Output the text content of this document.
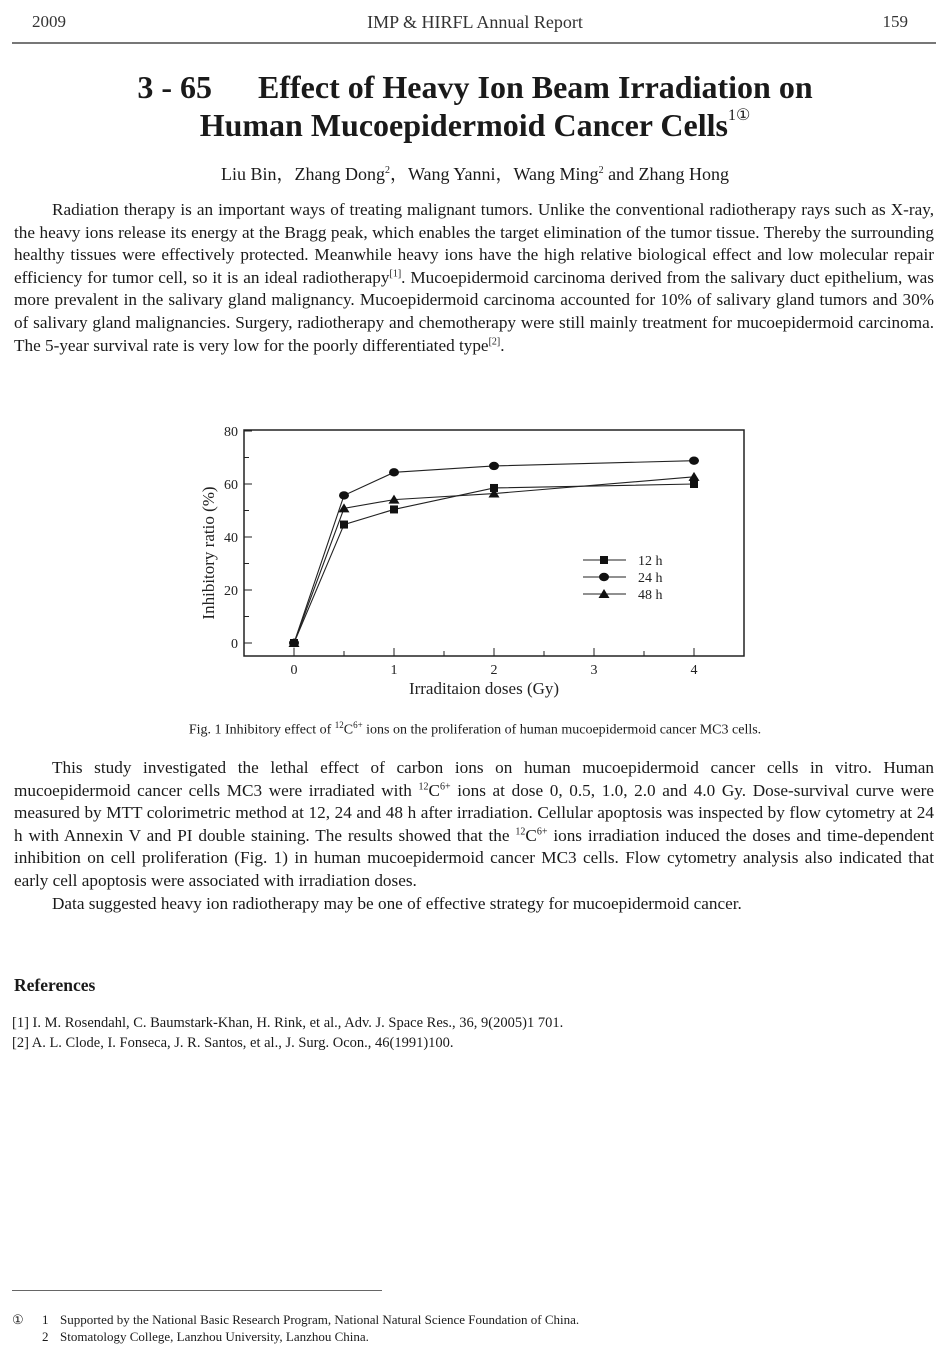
2009	IMP & HIRFL Annual Report	159
3 - 65 Effect of Heavy Ion Beam Irradiation on
Human Mucoepidermoid Cancer Cells$^{1①}$
Liu Bin，Zhang Dong$^2$，Wang Yanni，Wang Ming$^2$ and Zhang Hong

Radiation therapy is an important ways of treating malignant tumors. Unlike the conventional radiotherapy rays such as X-ray, the heavy ions release its energy at the Bragg peak, which enables the target elimination of the tumor tissue. Thereby the surrounding healthy tissues were effectively protected. Meanwhile heavy ions have the high relative biological effect and low molecular repair efficiency for tumor cell, so it is an ideal radiotherapy[1]. Mucoepidermoid carcinoma derived from the salivary duct epithelium, was more prevalent in the salivary gland malignancy. Mucoepidermoid carcinoma accounted for 10% of salivary gland tumors and 30% of salivary gland malignancies. Surgery, radiotherapy and chemotherapy were still mainly treatment for mucoepidermoid carcinoma. The 5-year survival rate is very low for the poorly differentiated type[2].

0
20
40
60
80
0	1	2	3	4
Irraditaion doses (Gy)
Inhibitory ratio (%)	12 h
24 h
48 h
Fig. 1 Inhibitory effect of $^{12}C^{6+}$ ions on the proliferation of human mucoepidermoid cancer MC3 cells.

This study investigated the lethal effect of carbon ions on human mucoepidermoid cancer cells in vitro. Human mucoepidermoid cancer cells MC3 were irradiated with $^{12}C^{6+}$ ions at dose 0, 0.5, 1.0, 2.0 and 4.0 Gy. Dose-survival curve were measured by MTT colorimetric method at 12, 24 and 48 h after irradiation. Cellular apoptosis was inspected by flow cytometry at 24 h with Annexin V and PI double staining. The results showed that the $^{12}C^{6+}$ ions irradiation induced the doses and time-dependent inhibition on cell proliferation (Fig. 1) in human mucoepidermoid cancer MC3 cells. Flow cytometry analysis also indicated that early cell apoptosis were associated with irradiation doses.

Data suggested heavy ion radiotherapy may be one of effective strategy for mucoepidermoid cancer.

References
[1] I. M. Rosendahl, C. Baumstark-Khan, H. Rink, et al., Adv. J. Space Res., 36, 9(2005)1 701.
[2] A. L. Clode, I. Fonseca, J. R. Santos, et al., J. Surg. Ocon., 46(1991)100.
① 1 Supported by the National Basic Research Program, National Natural Science Foundation of China.
2 Stomatology College, Lanzhou University, Lanzhou China.
